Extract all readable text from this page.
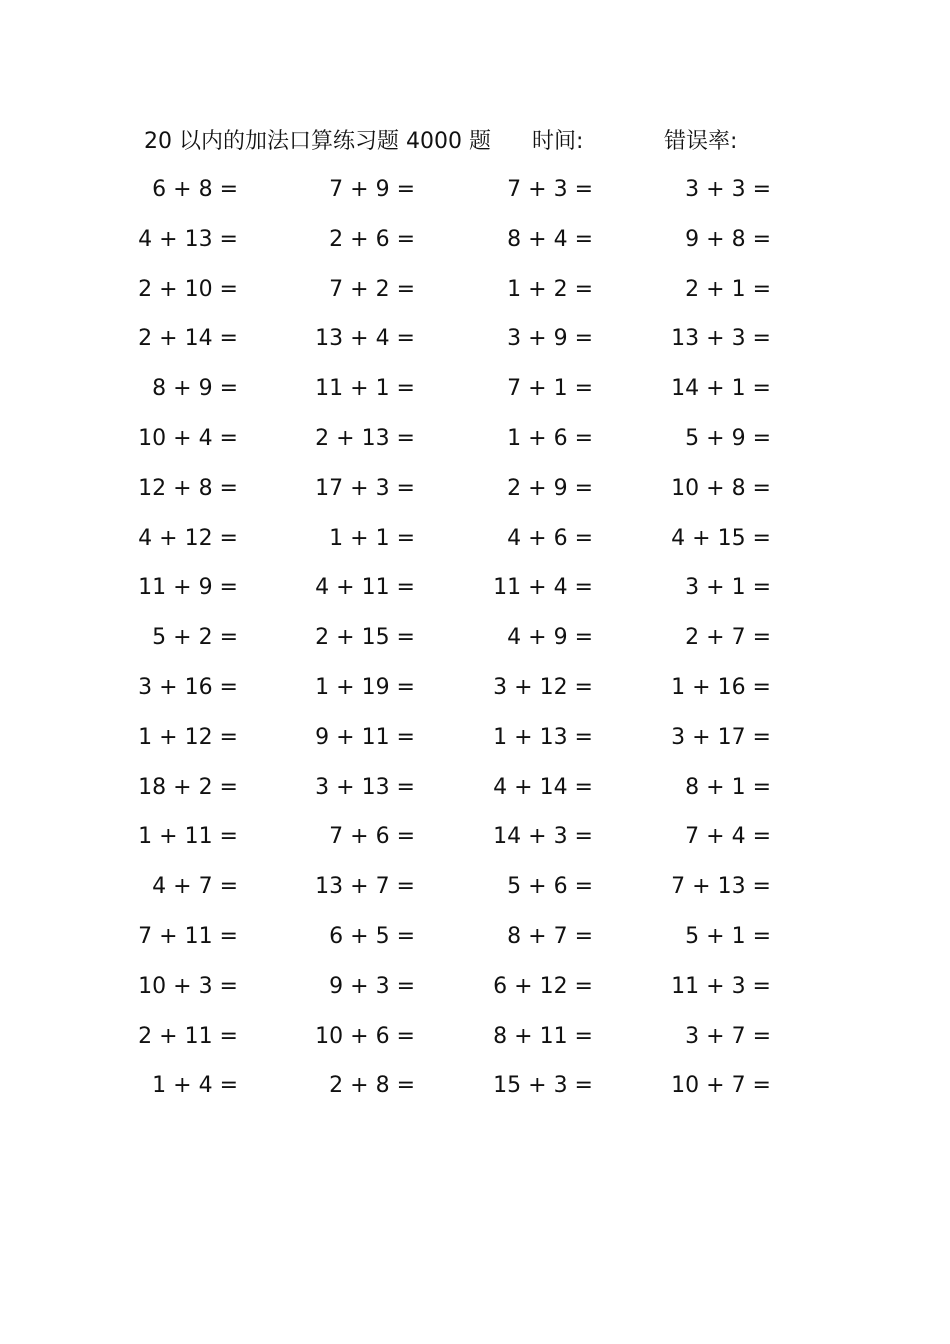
20 以内的加法口算练习题 4000 题 时间:	错误率:
6 + 8 =	7 + 9 =	7 + 3 =	3 + 3 =
4 + 13 =	2 + 6 =	8 + 4 =	9 + 8 =
2 + 10 =	7 + 2 =	1 + 2 =	2 + 1 =
2 + 14 =	13 + 4 =	3 + 9 =	13 + 3 =
8 + 9 =	11 + 1 =	7 + 1 =	14 + 1 =
10 + 4 =	2 + 13 =	1 + 6 =	5 + 9 =
12 + 8 =	17 + 3 =	2 + 9 =	10 + 8 =
4 + 12 =	1 + 1 =	4 + 6 =	4 + 15 =
11 + 9 =	4 + 11 =	11 + 4 =	3 + 1 =
5 + 2 =	2 + 15 =	4 + 9 =	2 + 7 =
3 + 16 =	1 + 19 =	3 + 12 =	1 + 16 =
1 + 12 =	9 + 11 =	1 + 13 =	3 + 17 =
18 + 2 =	3 + 13 =	4 + 14 =	8 + 1 =
1 + 11 =	7 + 6 =	14 + 3 =	7 + 4 =
4 + 7 =	13 + 7 =	5 + 6 =	7 + 13 =
7 + 11 =	6 + 5 =	8 + 7 =	5 + 1 =
10 + 3 =	9 + 3 =	6 + 12 =	11 + 3 =
2 + 11 =	10 + 6 =	8 + 11 =	3 + 7 =
1 + 4 =	2 + 8 =	15 + 3 =	10 + 7 =
